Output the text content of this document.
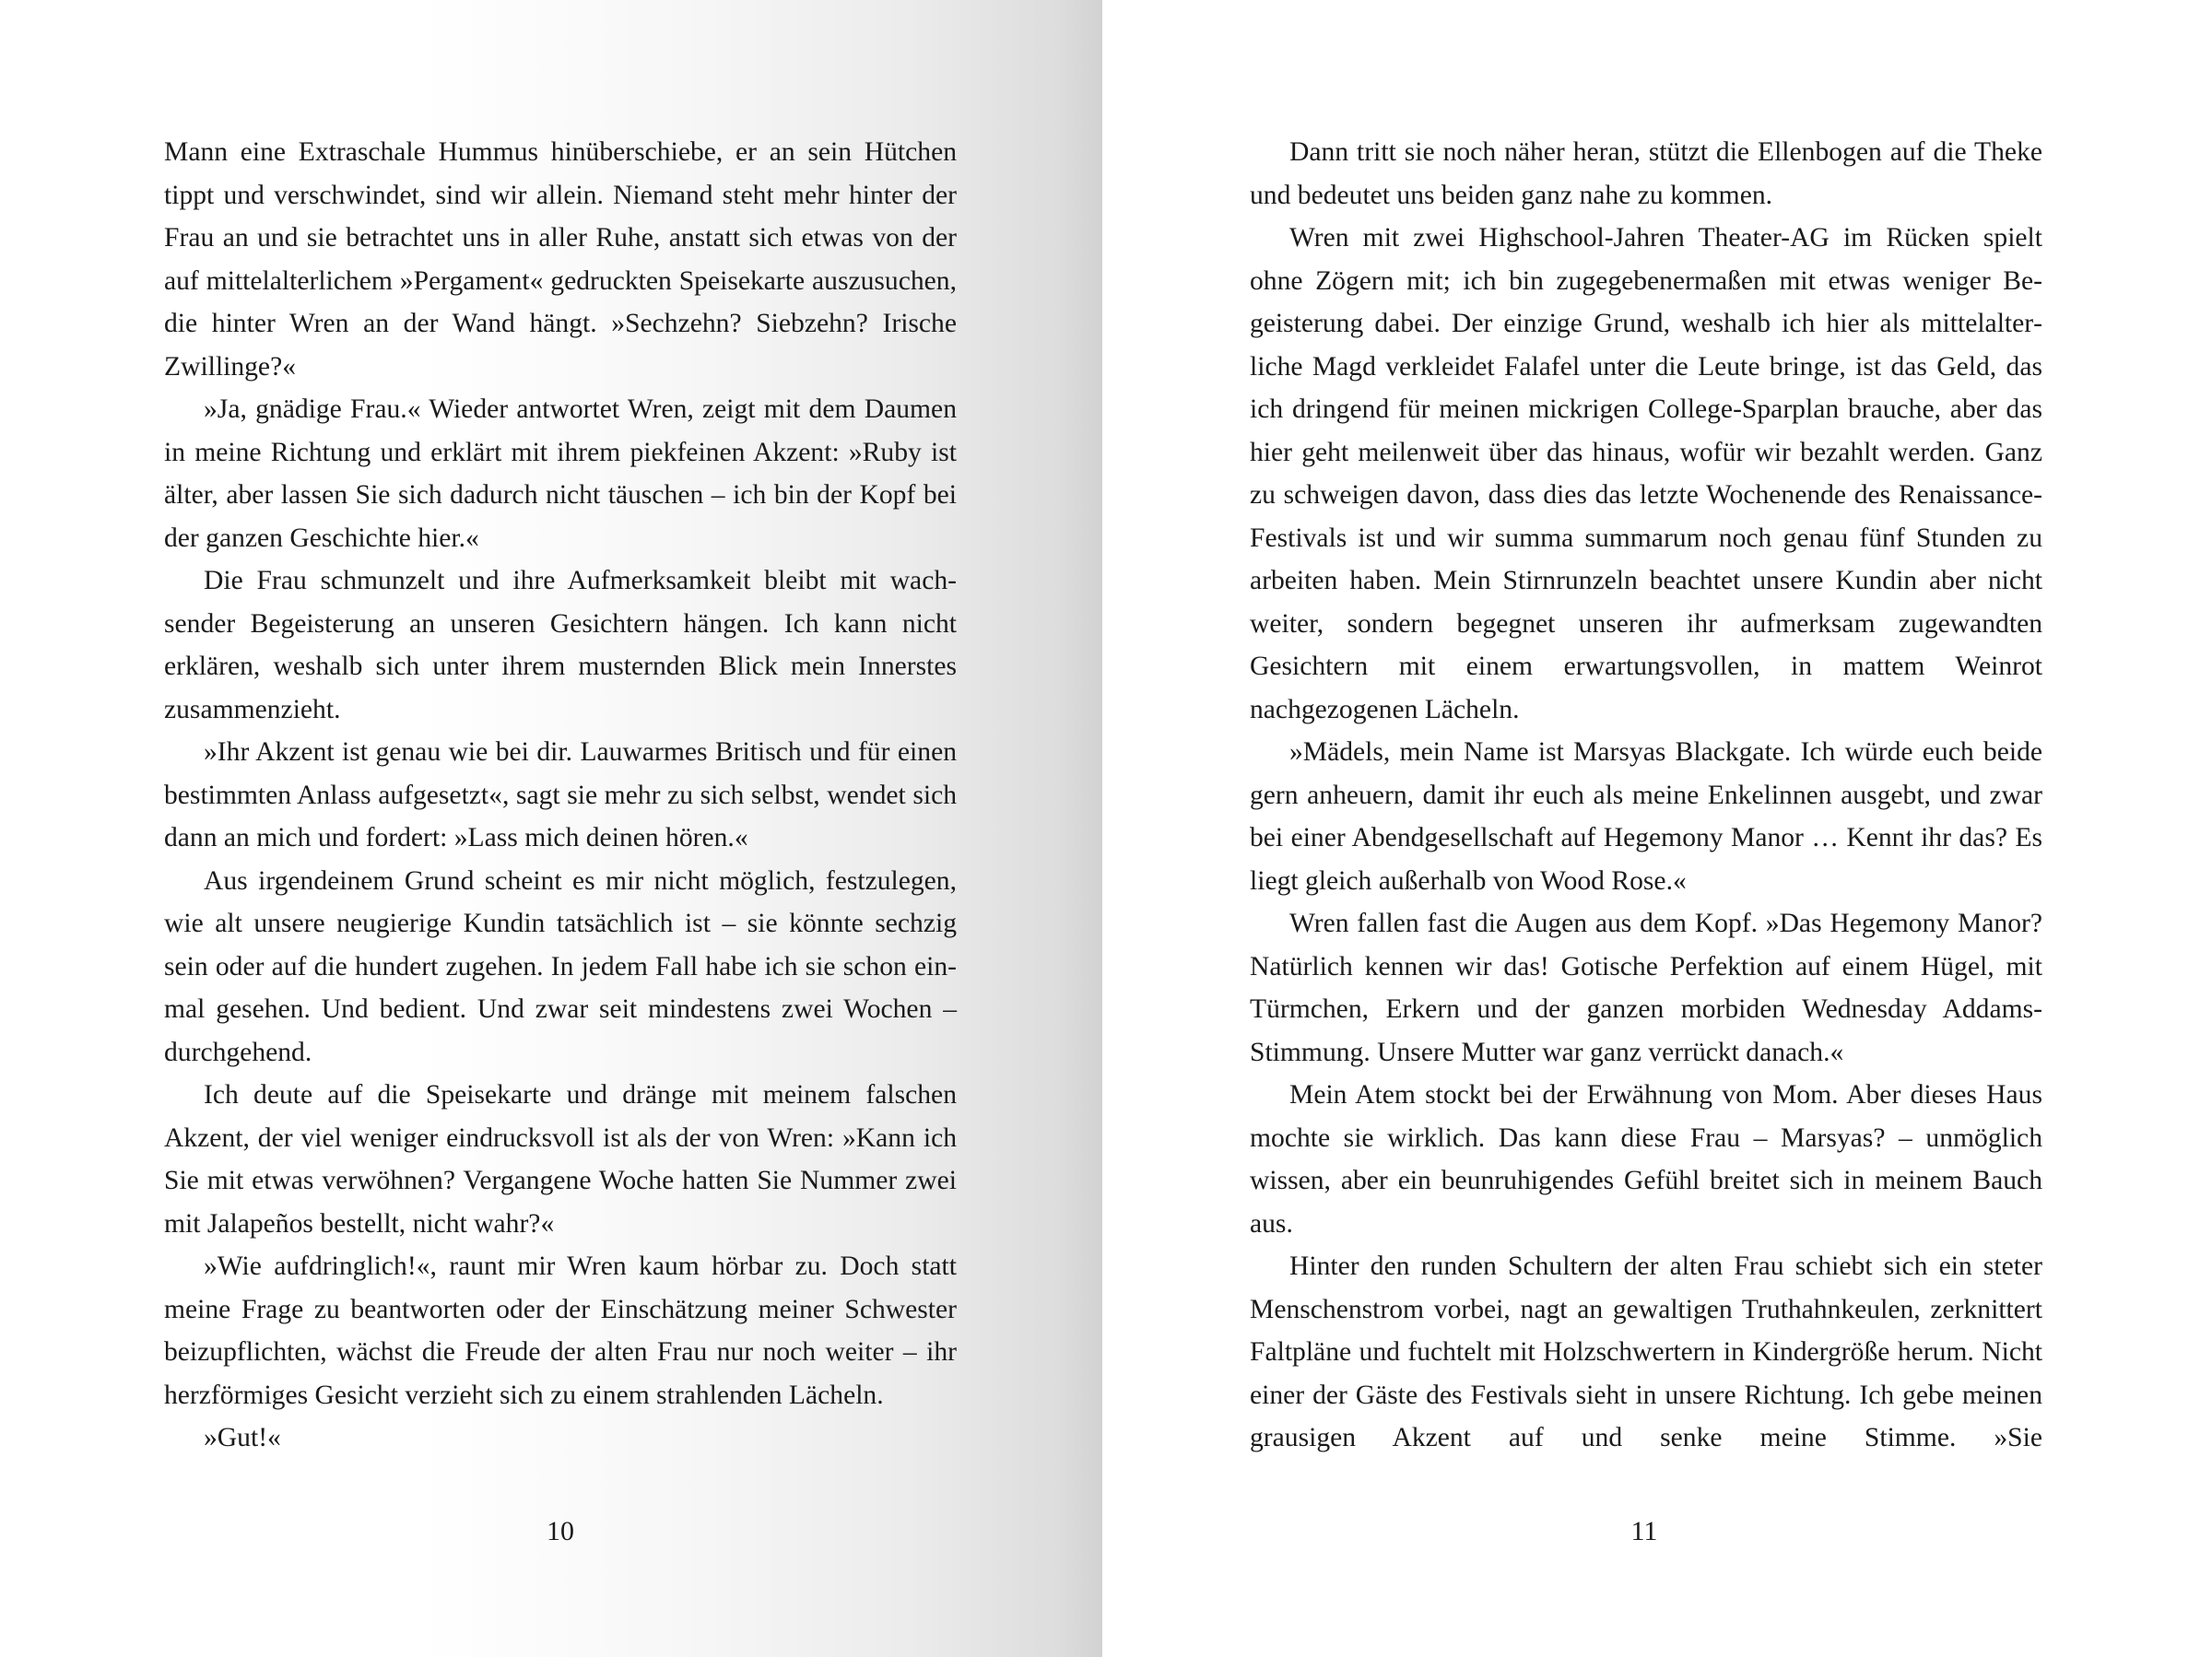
Mann eine Extraschale Hummus hinüberschiebe, er an sein Hütchen tippt und verschwindet, sind wir allein. Niemand steht mehr hinter der Frau an und sie betrachtet uns in aller Ruhe, anstatt sich etwas von der auf mittelalterlichem »Pergament« gedruckten Speisekarte auszusuchen, die hinter Wren an der Wand hängt. »Sechzehn? Siebzehn? Irische Zwillinge?«

»Ja, gnädige Frau.« Wieder antwortet Wren, zeigt mit dem Daumen in meine Richtung und erklärt mit ihrem piekfeinen Akzent: »Ruby ist älter, aber lassen Sie sich dadurch nicht täuschen – ich bin der Kopf bei der ganzen Geschichte hier.«

Die Frau schmunzelt und ihre Aufmerksamkeit bleibt mit wachsender Begeisterung an unseren Gesichtern hängen. Ich kann nicht erklären, weshalb sich unter ihrem musternden Blick mein Innerstes zusammenzieht.

»Ihr Akzent ist genau wie bei dir. Lauwarmes Britisch und für einen bestimmten Anlass aufgesetzt«, sagt sie mehr zu sich selbst, wendet sich dann an mich und fordert: »Lass mich deinen hören.«

Aus irgendeinem Grund scheint es mir nicht möglich, festzulegen, wie alt unsere neugierige Kundin tatsächlich ist – sie könnte sechzig sein oder auf die hundert zugehen. In jedem Fall habe ich sie schon einmal gesehen. Und bedient. Und zwar seit mindestens zwei Wochen – durchgehend.

Ich deute auf die Speisekarte und dränge mit meinem falschen Akzent, der viel weniger eindrucksvoll ist als der von Wren: »Kann ich Sie mit etwas verwöhnen? Vergangene Woche hatten Sie Nummer zwei mit Jalapeños bestellt, nicht wahr?«

»Wie aufdringlich!«, raunt mir Wren kaum hörbar zu. Doch statt meine Frage zu beantworten oder der Einschätzung meiner Schwester beizupflichten, wächst die Freude der alten Frau nur noch weiter – ihr herzförmiges Gesicht verzieht sich zu einem strahlenden Lächeln.

»Gut!«

10

Dann tritt sie noch näher heran, stützt die Ellenbogen auf die Theke und bedeutet uns beiden ganz nahe zu kommen.

Wren mit zwei Highschool-Jahren Theater-AG im Rücken spielt ohne Zögern mit; ich bin zugegebenermaßen mit etwas weniger Begeisterung dabei. Der einzige Grund, weshalb ich hier als mittelalterliche Magd verkleidet Falafel unter die Leute bringe, ist das Geld, das ich dringend für meinen mickrigen College-Sparplan brauche, aber das hier geht meilenweit über das hinaus, wofür wir bezahlt werden. Ganz zu schweigen davon, dass dies das letzte Wochenende des Renaissance-Festivals ist und wir summa summarum noch genau fünf Stunden zu arbeiten haben. Mein Stirnrunzeln beachtet unsere Kundin aber nicht weiter, sondern begegnet unseren ihr aufmerksam zugewandten Gesichtern mit einem erwartungsvollen, in mattem Weinrot nachgezogenen Lächeln.

»Mädels, mein Name ist Marsyas Blackgate. Ich würde euch beide gern anheuern, damit ihr euch als meine Enkelinnen ausgebt, und zwar bei einer Abendgesellschaft auf Hegemony Manor … Kennt ihr das? Es liegt gleich außerhalb von Wood Rose.«

Wren fallen fast die Augen aus dem Kopf. »Das Hegemony Manor? Natürlich kennen wir das! Gotische Perfektion auf einem Hügel, mit Türmchen, Erkern und der ganzen morbiden Wednesday Addams-Stimmung. Unsere Mutter war ganz verrückt danach.«

Mein Atem stockt bei der Erwähnung von Mom. Aber dieses Haus mochte sie wirklich. Das kann diese Frau – Marsyas? – unmöglich wissen, aber ein beunruhigendes Gefühl breitet sich in meinem Bauch aus.

Hinter den runden Schultern der alten Frau schiebt sich ein steter Menschenstrom vorbei, nagt an gewaltigen Truthahnkeulen, zerknittert Faltpläne und fuchtelt mit Holzschwertern in Kindergröße herum. Nicht einer der Gäste des Festivals sieht in unsere Richtung. Ich gebe meinen grausigen Akzent auf und senke meine Stimme. »Sie

11
